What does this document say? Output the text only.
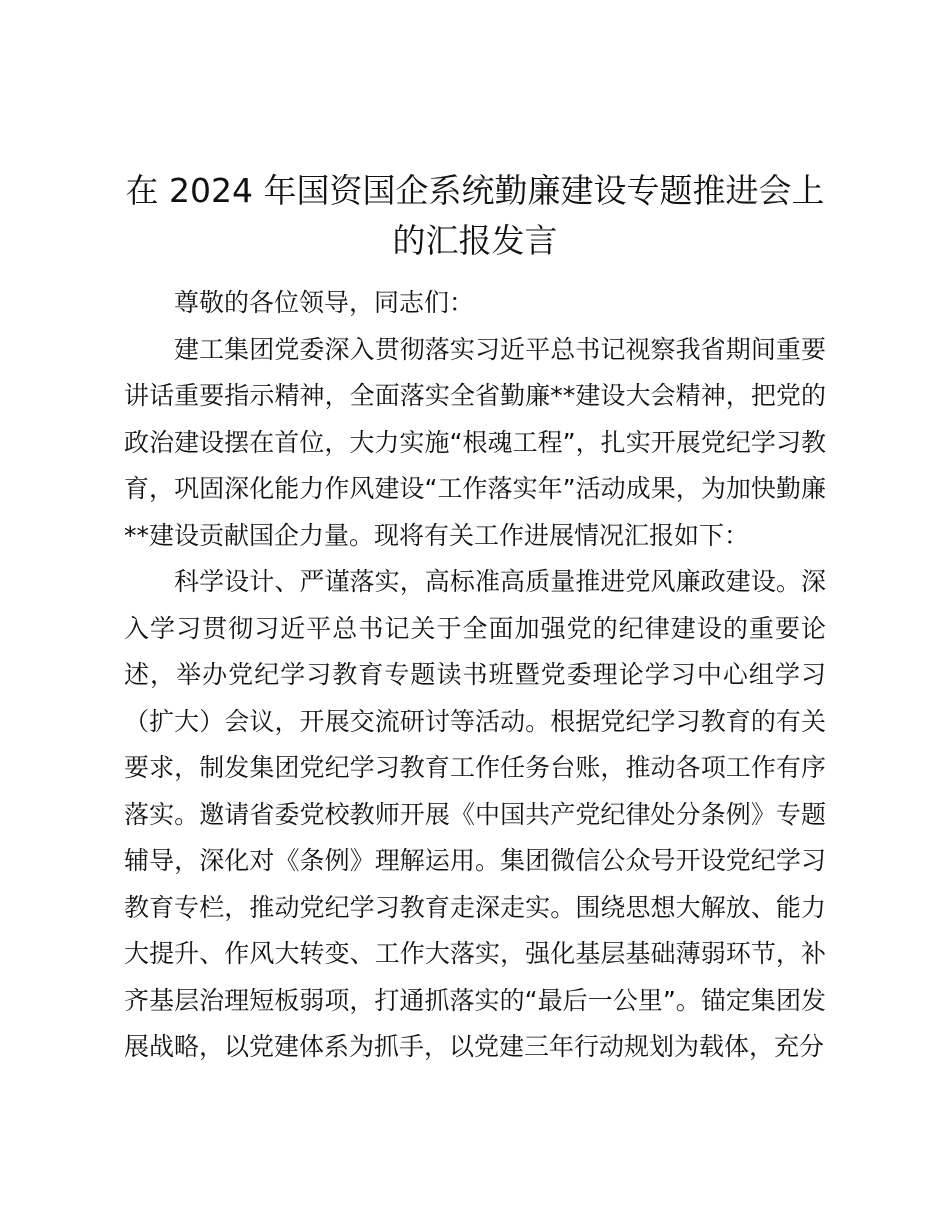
在 2024 年国资国企系统勤廉建设专题推进会上的汇报发言

尊敬的各位领导，同志们：

建工集团党委深入贯彻落实习近平总书记视察我省期间重要讲话重要指示精神，全面落实全省勤廉**建设大会精神，把党的政治建设摆在首位，大力实施“根魂工程”，扎实开展党纪学习教育，巩固深化能力作风建设“工作落实年”活动成果，为加快勤廉**建设贡献国企力量。现将有关工作进展情况汇报如下：

科学设计、严谨落实，高标准高质量推进党风廉政建设。深入学习贯彻习近平总书记关于全面加强党的纪律建设的重要论述，举办党纪学习教育专题读书班暨党委理论学习中心组学习（扩大）会议，开展交流研讨等活动。根据党纪学习教育的有关要求，制发集团党纪学习教育工作任务台账，推动各项工作有序落实。邀请省委党校教师开展《中国共产党纪律处分条例》专题辅导，深化对《条例》理解运用。集团微信公众号开设党纪学习教育专栏，推动党纪学习教育走深走实。围绕思想大解放、能力大提升、作风大转变、工作大落实，强化基层基础薄弱环节，补齐基层治理短板弱项，打通抓落实的“最后一公里”。锚定集团发展战略，以党建体系为抓手，以党建三年行动规划为载体，充分
